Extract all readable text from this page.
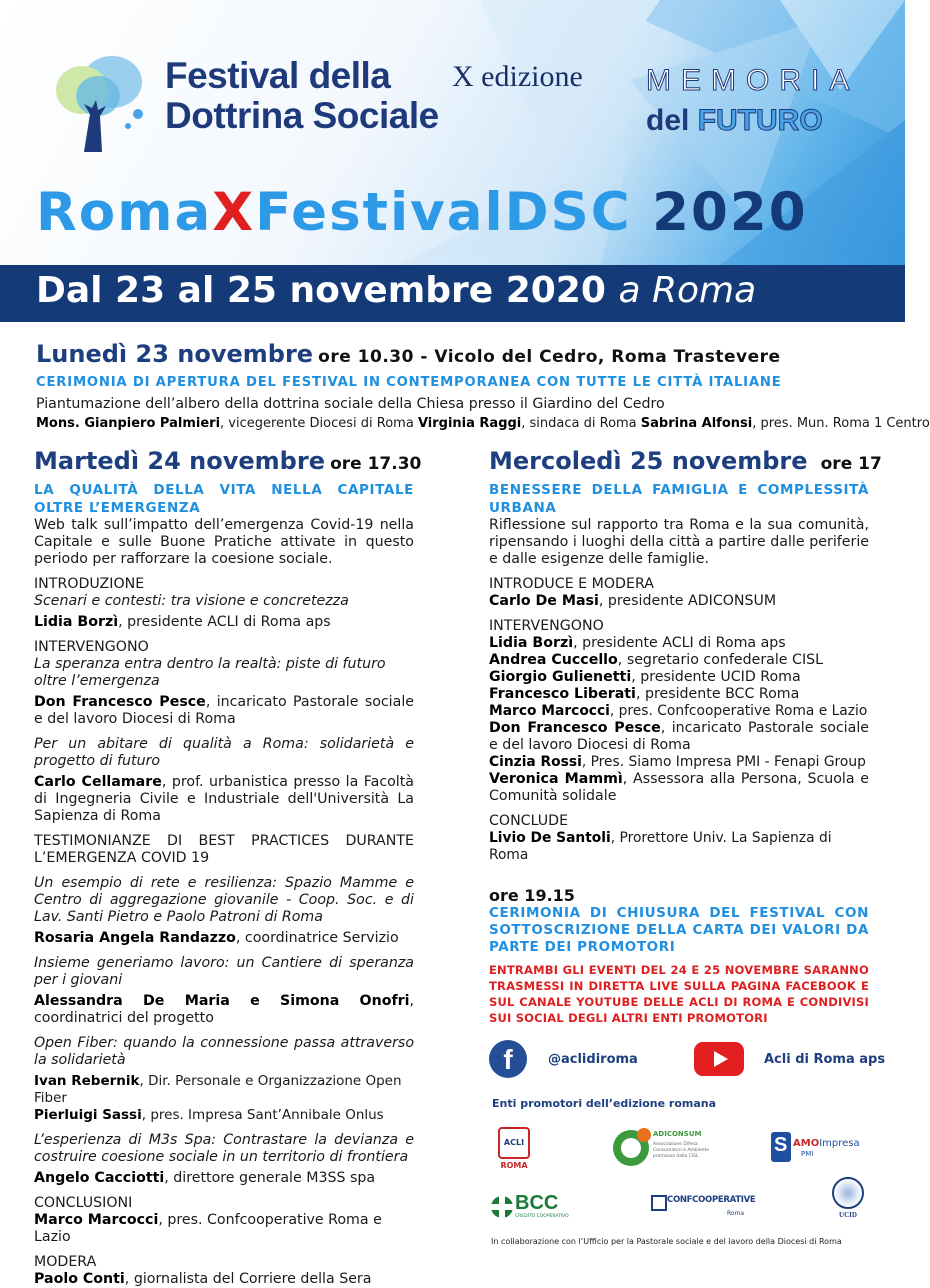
Festival della
Dottrina Sociale
X edizione MEMORIA
del FUTURO
RomaXFestivalDSC 2020
Dal 23 al 25 novembre 2020 a Roma
Lunedì 23 novembre ore 10.30 - Vicolo del Cedro, Roma Trastevere
CERIMONIA DI APERTURA DEL FESTIVAL IN CONTEMPORANEA CON TUTTE LE CITTÀ ITALIANE
Piantumazione dell’albero della dottrina sociale della Chiesa presso il Giardino del Cedro
Mons. Gianpiero Palmieri, vicegerente Diocesi di Roma Virginia Raggi, sindaca di Roma Sabrina Alfonsi, pres. Mun. Roma 1 Centro
Martedì 24 novembre ore 17.30

LA QUALITÀ DELLA VITA NELLA CAPITALE OLTRE L’EMERGENZA

Web talk sull’impatto dell’emergenza Covid-19 nella Capitale e sulle Buone Pratiche attivate in questo periodo per rafforzare la coesione sociale.

INTRODUZIONE

Scenari e contesti: tra visione e concretezza

Lidia Borzì, presidente ACLI di Roma aps

INTERVENGONO

La speranza entra dentro la realtà: piste di futuro oltre l’emergenza

Don Francesco Pesce, incaricato Pastorale sociale e del lavoro Diocesi di Roma

Per un abitare di qualità a Roma: solidarietà e progetto di futuro

Carlo Cellamare, prof. urbanistica presso la Facoltà di Ingegneria Civile e Industriale dell'Università La Sapienza di Roma

TESTIMONIANZE DI BEST PRACTICES DURANTE L’EMERGENZA COVID 19

Un esempio di rete e resilienza: Spazio Mamme e Centro di aggregazione giovanile - Coop. Soc. e di Lav. Santi Pietro e Paolo Patroni di Roma

Rosaria Angela Randazzo, coordinatrice Servizio

Insieme generiamo lavoro: un Cantiere di speranza per i giovani

Alessandra De Maria e Simona Onofri, coordinatrici del progetto

Open Fiber: quando la connessione passa attraverso la solidarietà

Ivan Rebernik, Dir. Personale e Organizzazione Open Fiber

Pierluigi Sassi, pres. Impresa Sant’Annibale Onlus

L’esperienza di M3s Spa: Contrastare la devianza e costruire coesione sociale in un territorio di frontiera

Angelo Cacciotti, direttore generale M3SS spa

CONCLUSIONI

Marco Marcocci, pres. Confcooperative Roma e Lazio

MODERA

Paolo Conti, giornalista del Corriere della Sera

Mercoledì 25 novembre ore 17

BENESSERE DELLA FAMIGLIA E COMPLESSITÀ URBANA

Riflessione sul rapporto tra Roma e la sua comunità, ripensando i luoghi della città a partire dalle periferie e dalle esigenze delle famiglie.

INTRODUCE E MODERA

Carlo De Masi, presidente ADICONSUM

INTERVENGONO

Lidia Borzì, presidente ACLI di Roma aps

Andrea Cuccello, segretario confederale CISL

Giorgio Gulienetti, presidente UCID Roma

Francesco Liberati, presidente BCC Roma

Marco Marcocci, pres. Confcooperative Roma e Lazio

Don Francesco Pesce, incaricato Pastorale sociale e del lavoro Diocesi di Roma

Cinzia Rossi, Pres. Siamo Impresa PMI - Fenapi Group

Veronica Mammì, Assessora alla Persona, Scuola e Comunità solidale

CONCLUDE

Livio De Santoli, Prorettore Univ. La Sapienza di Roma

ore 19.15

CERIMONIA DI CHIUSURA DEL FESTIVAL CON SOTTOSCRIZIONE DELLA CARTA DEI VALORI DA PARTE DEI PROMOTORI

ENTRAMBI GLI EVENTI DEL 24 E 25 NOVEMBRE SARANNO TRASMESSI IN DIRETTA LIVE SULLA PAGINA FACEBOOK E SUL CANALE YOUTUBE DELLE ACLI DI ROMA E CONDIVISI SUI SOCIAL DEGLI ALTRI ENTI PROMOTORI

f	@aclidiroma	Acli di Roma aps
Enti promotori dell’edizione romana
ACLI
ROMA
ADICONSUM
Associazione Difesa Consumatori e Ambiente promossa dalla CISL
S AMOImpresa
PMI
BCC
CREDITO COOPERATIVO
CONFCOOPERATIVE
Roma	UCID
In collaborazione con l’Ufficio per la Pastorale sociale e del lavoro della Diocesi di Roma
